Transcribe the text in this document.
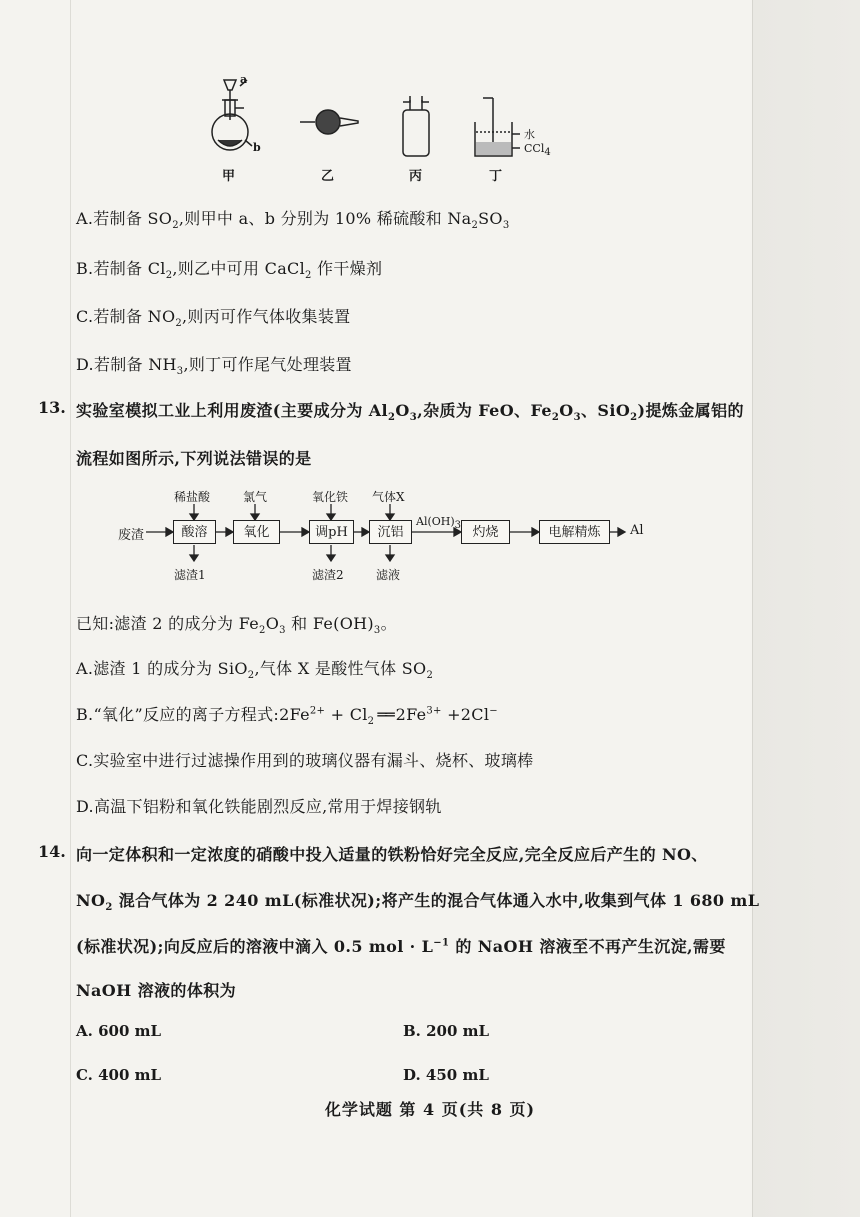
a
b
水
CCl$_4$
甲	乙	丙	丁
A.若制备 $SO_2$,则甲中 a、b 分别为 10% 稀硫酸和 $Na_2SO_3$
B.若制备 $Cl_2$,则乙中可用 CaCl$_2$ 作干燥剂
C.若制备 $NO_2$,则丙可作气体收集装置
D.若制备 $NH_3$,则丁可作尾气处理装置
13. 实验室模拟工业上利用废渣(主要成分为 $Al_2O_3$,杂质为 FeO、$Fe_2O_3$、SiO$_2$)提炼金属铝的
流程如图所示,下列说法错误的是
废渣	酸溶	氧化	调pH	沉铝	灼烧	电解精炼	Al
稀盐酸	氯气	氧化铁 气体X
$Al(OH)_3$
滤渣1	滤渣2	滤液
已知:滤渣 2 的成分为 $Fe_2O_3$ 和 $Fe(OH)_3$。
A.滤渣 1 的成分为 SiO$_2$,气体 X 是酸性气体 $SO_2$
B.“氧化”反应的离子方程式$:2Fe^{2+} + Cl_2$ ══ $2Fe^{3+} +2Cl^-$
C.实验室中进行过滤操作用到的玻璃仪器有漏斗、烧杯、玻璃棒
D.高温下铝粉和氧化铁能剧烈反应,常用于焊接钢轨
14. 向一定体积和一定浓度的硝酸中投入适量的铁粉恰好完全反应,完全反应后产生的 NO、
$NO_2$ 混合气体为 2 240 mL(标准状况);将产生的混合气体通入水中,收集到气体 1 680 mL
(标准状况);向反应后的溶液中滴入 0.5 mol · $L^{-1}$ 的 NaOH 溶液至不再产生沉淀,需要
NaOH 溶液的体积为
A. 600 mL	B. 200 mL
C. 400 mL	D. 450 mL
化学试题 第 4 页(共 8 页)
